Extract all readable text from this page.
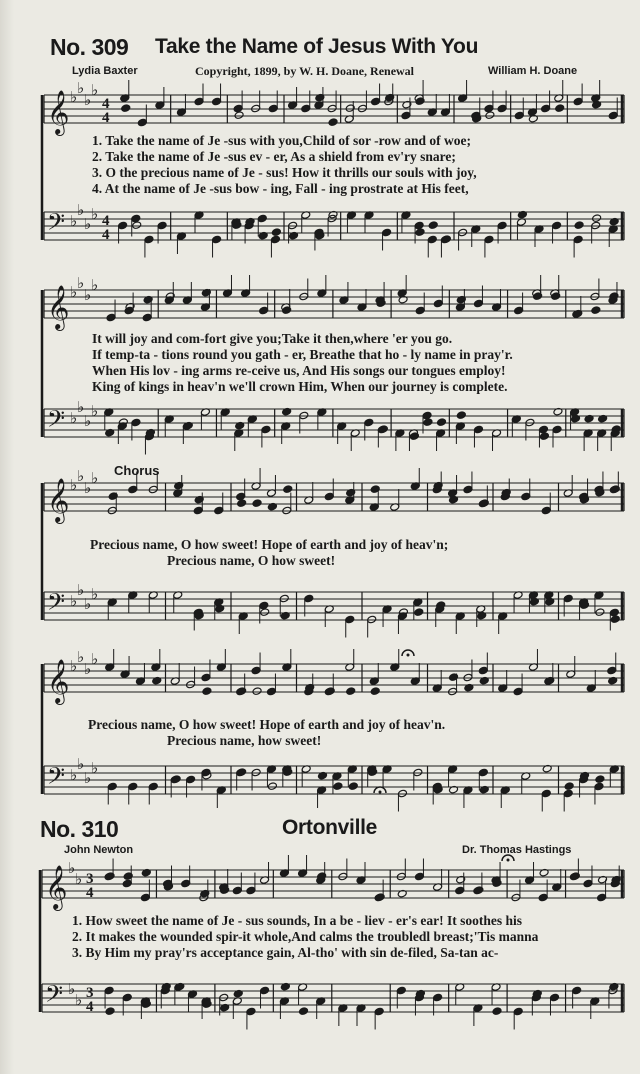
No. 309 Take the Name of Jesus With You
Lydia Baxter	Copyright, 1899, by W. H. Doane, Renewal	William H. Doane
1. Take the name of Je -sus with you,Child of sor -row and of woe;
2. Take the name of Je -sus ev - er, As a shield from ev'ry snare;
3. O the precious name of Je - sus! How it thrills our souls with joy,
4. At the name of Je -sus bow - ing, Fall - ing prostrate at His feet,
It will joy and com-fort give you;Take it then,where 'er you go.
If temp-ta - tions round you gath - er, Breathe that ho - ly name in pray'r.
When His lov - ing arms re-ceive us, And His songs our tongues employ!
King of kings in heav'n we'll crown Him, When our journey is complete.
Chorus
Precious name, O how sweet! Hope of earth and joy of heav'n;
Precious name, O how sweet!
Precious name, O how sweet! Hope of earth and joy of heav'n.
Precious name, how sweet!
No. 310	Ortonville
John Newton	Dr. Thomas Hastings
1. How sweet the name of Je - sus sounds, In a be - liev - er's ear! It soothes his
2. It makes the wounded spir-it whole,And calms the troubledl breast;'Tis manna
3. By Him my pray'rs acceptance gain, Al-tho' with sin de-filed, Sa-tan ac-
𝄞
𝄢
♭ ♭
♭
♭
♭
♭
♭
♭
4
4
4
4
𝄞
𝄢
♭ ♭
♭
♭
♭
♭
♭
♭
𝄞
𝄢
♭ ♭
♭
♭
♭
♭
♭
♭
𝄞
𝄢
♭ ♭
♭
♭
♭
♭
♭
♭
𝄞
𝄢
♭
♭
♭
♭
3
4
3
4
